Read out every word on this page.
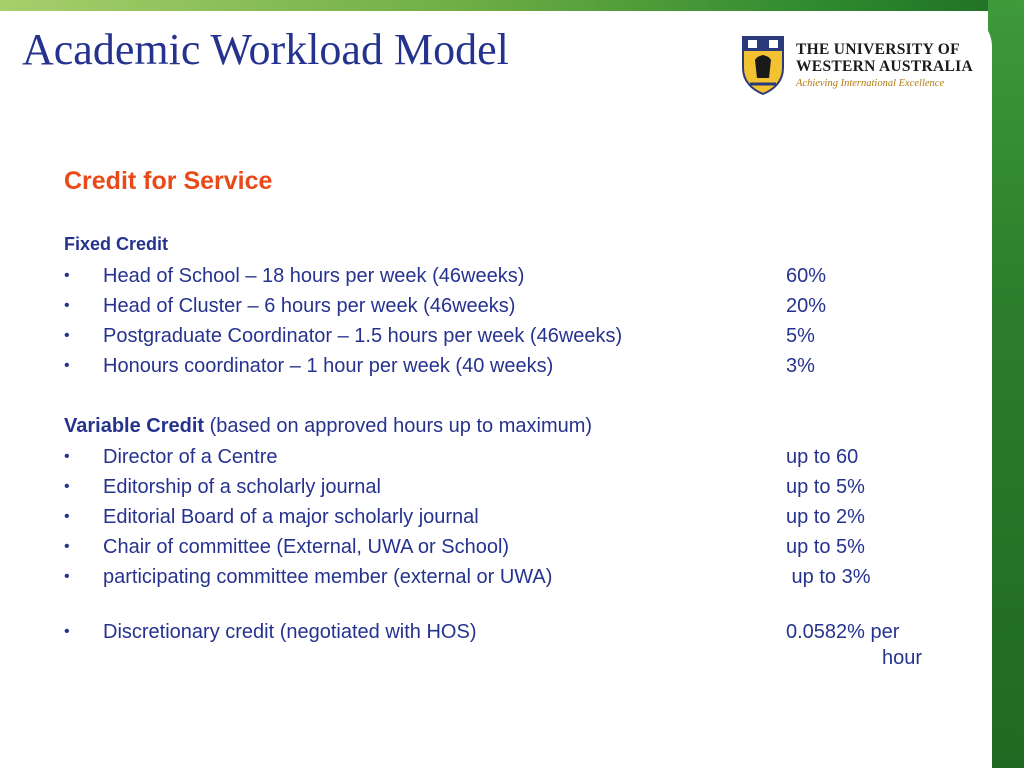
Academic Workload Model	THE UNIVERSITY OF
WESTERN AUSTRALIA
Achieving International Excellence
Credit for Service
Fixed Credit
• Head of School – 18 hours per week (46weeks)	60%
• Head of Cluster – 6 hours per week (46weeks)	20%
• Postgraduate Coordinator – 1.5 hours per week (46weeks)	5%
• Honours coordinator – 1 hour per week (40 weeks)	3%
Variable Credit (based on approved hours up to maximum)
• Director of a Centre	up to 60
• Editorship of a scholarly journal	up to 5%
• Editorial Board of a major scholarly journal	up to 2%
• Chair of committee (External, UWA or School)	up to 5%
• participating committee member (external or UWA)	up to 3%
• Discretionary credit (negotiated with HOS)	0.0582% per
hour
